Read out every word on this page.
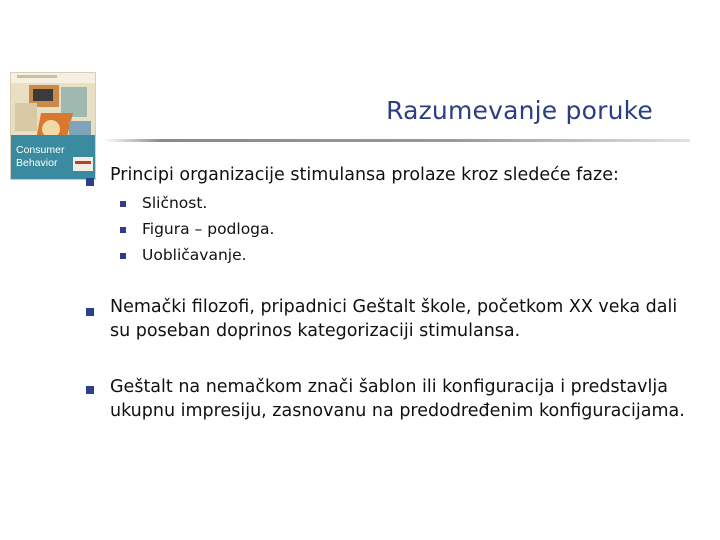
Consumer
Behavior
Razumevanje poruke
Principi organizacije stimulansa prolaze kroz sledeće faze:
Sličnost.
Figura – podloga.
Uobličavanje.
Nemački filozofi, pripadnici Geštalt škole, početkom XX veka dali
su poseban doprinos kategorizaciji stimulansa.
Geštalt na nemačkom znači šablon ili konfiguracija i predstavlja
ukupnu impresiju, zasnovanu na predodređenim konfiguracijama.
